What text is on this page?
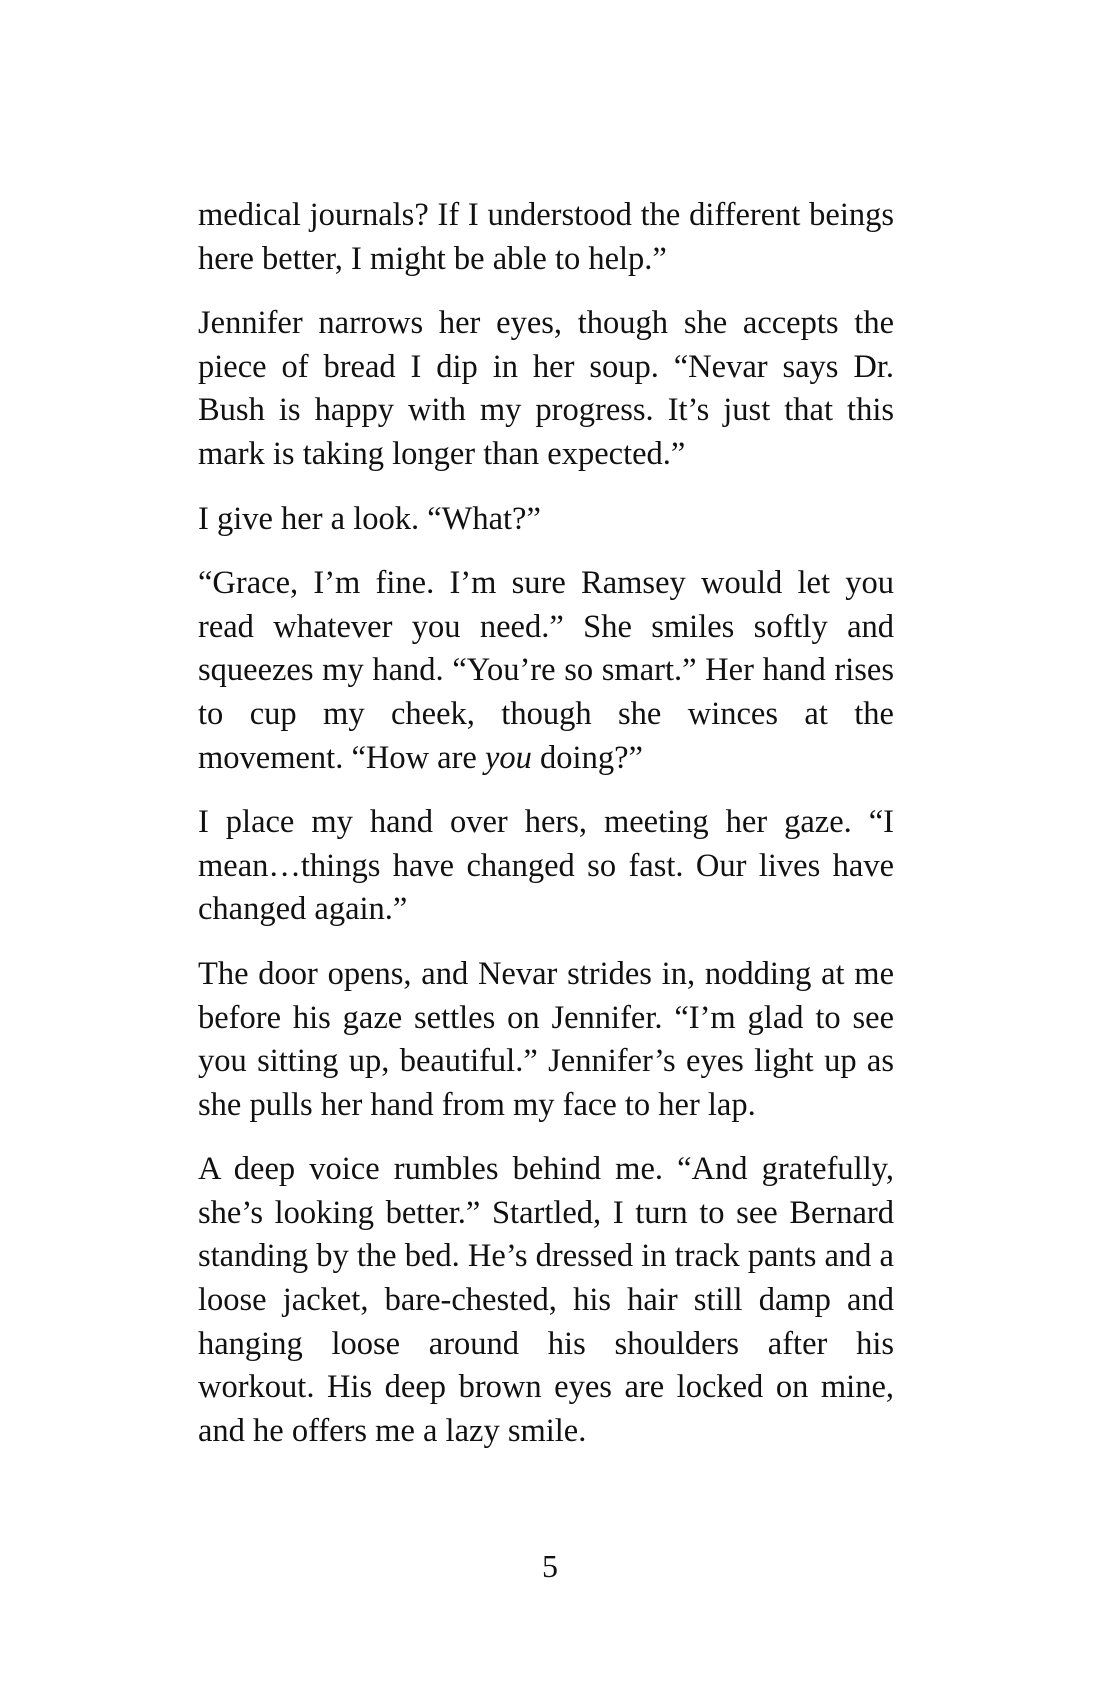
medical journals? If I understood the different beings here better, I might be able to help.”

Jennifer narrows her eyes, though she accepts the piece of bread I dip in her soup. “Nevar says Dr. Bush is happy with my progress. It’s just that this mark is taking longer than expected.”

I give her a look. “What?”

“Grace, I’m fine. I’m sure Ramsey would let you read whatever you need.” She smiles softly and squeezes my hand. “You’re so smart.” Her hand rises to cup my cheek, though she winces at the movement. “How are you doing?”

I place my hand over hers, meeting her gaze. “I mean…things have changed so fast. Our lives have changed again.”

The door opens, and Nevar strides in, nodding at me before his gaze settles on Jennifer. “I’m glad to see you sitting up, beautiful.” Jennifer’s eyes light up as she pulls her hand from my face to her lap.

A deep voice rumbles behind me. “And gratefully, she’s looking better.” Startled, I turn to see Bernard standing by the bed. He’s dressed in track pants and a loose jacket, bare-chested, his hair still damp and hanging loose around his shoulders after his workout. His deep brown eyes are locked on mine, and he offers me a lazy smile.

5
